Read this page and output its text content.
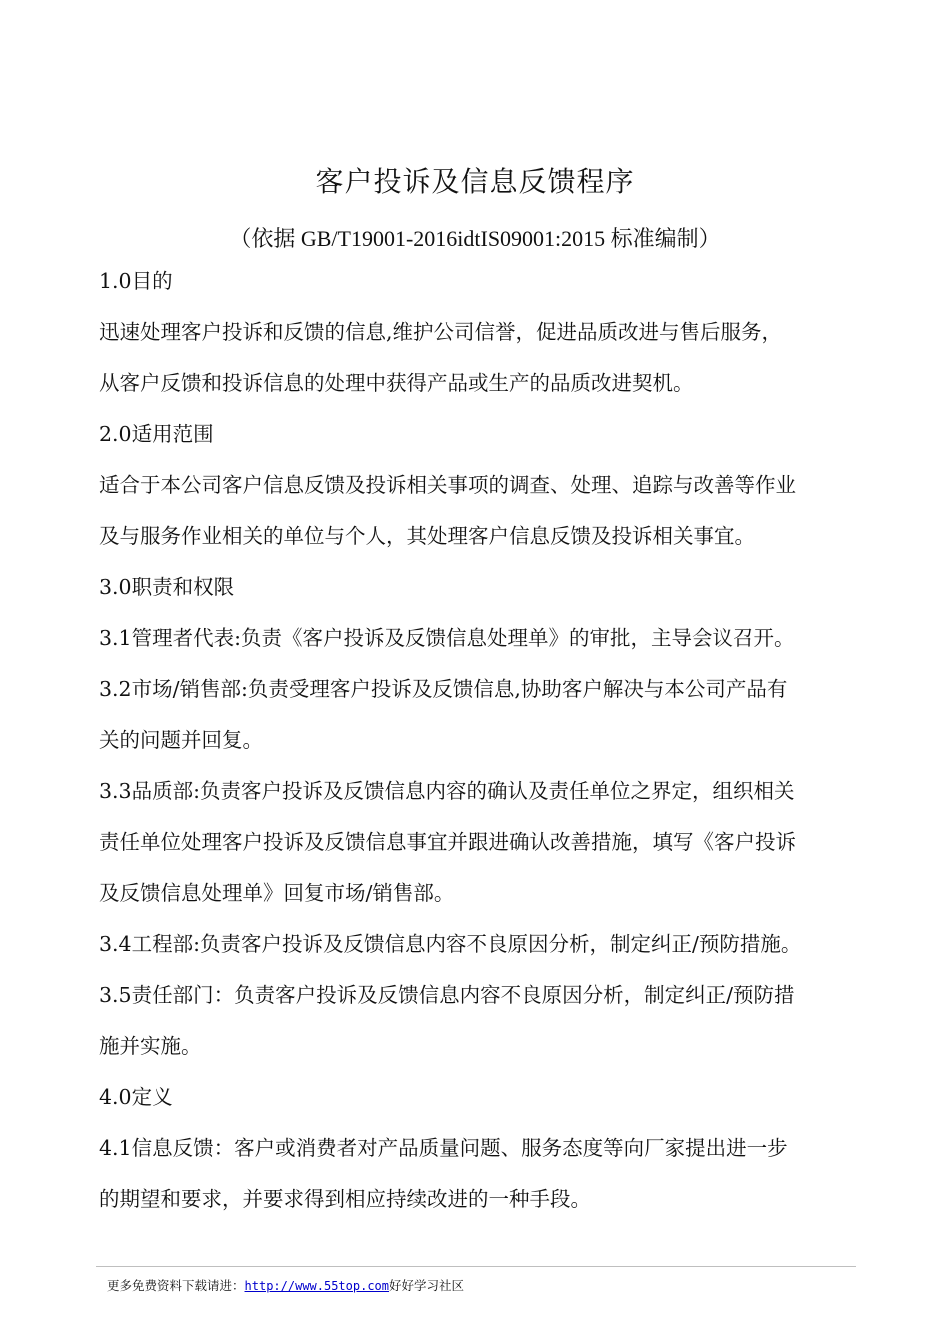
客户投诉及信息反馈程序
（依据 GB/T19001-2016idtIS09001:2015 标准编制）
1.0目的
迅速处理客户投诉和反馈的信息,维护公司信誉，促进品质改进与售后服务，
从客户反馈和投诉信息的处理中获得产品或生产的品质改进契机。
2.0适用范围
适合于本公司客户信息反馈及投诉相关事项的调查、处理、追踪与改善等作业
及与服务作业相关的单位与个人，其处理客户信息反馈及投诉相关事宜。
3.0职责和权限
3.1管理者代表:负责《客户投诉及反馈信息处理单》的审批，主导会议召开。
3.2市场/销售部:负责受理客户投诉及反馈信息,协助客户解决与本公司产品有
关的问题并回复。
3.3品质部:负责客户投诉及反馈信息内容的确认及责任单位之界定，组织相关
责任单位处理客户投诉及反馈信息事宜并跟进确认改善措施，填写《客户投诉
及反馈信息处理单》回复市场/销售部。
3.4工程部:负责客户投诉及反馈信息内容不良原因分析，制定纠正/预防措施。
3.5责任部门：负责客户投诉及反馈信息内容不良原因分析，制定纠正/预防措
施并实施。
4.0定义
4.1信息反馈：客户或消费者对产品质量问题、服务态度等向厂家提出进一步
的期望和要求，并要求得到相应持续改进的一种手段。
更多免费资料下载请进：http://www.55top.com好好学习社区
